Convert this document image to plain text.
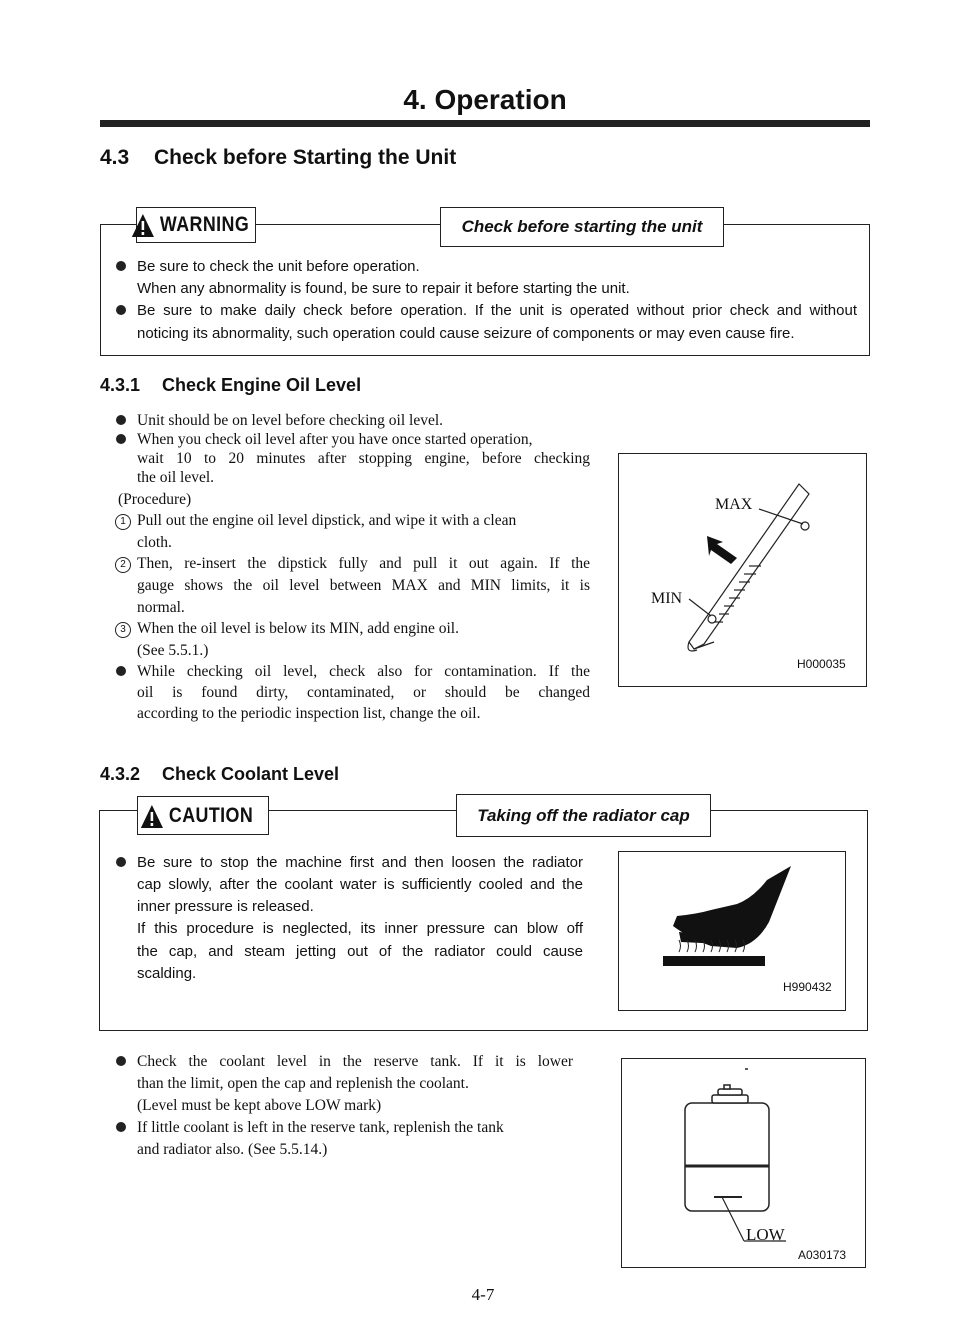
4. Operation
4.3 Check before Starting the Unit
WARNING	Check before starting the unit
Be sure to check the unit before operation.
When any abnormality is found, be sure to repair it before starting the unit.
Be sure to make daily check before operation. If the unit is operated without prior check and without
noticing its abnormality, such operation could cause seizure of components or may even cause fire.
4.3.1 Check Engine Oil Level
Unit should be on level before checking oil level.
When you check oil level after you have once started operation,
wait 10 to 20 minutes after stopping engine, before checking
the oil level.
(Procedure)
1 Pull out the engine oil level dipstick, and wipe it with a clean
cloth.
2 Then, re-insert the dipstick fully and pull it out again. If the
gauge shows the oil level between MAX and MIN limits, it is
normal.
3 When the oil level is below its MIN, add engine oil.
(See 5.5.1.)
While checking oil level, check also for contamination. If the
oil is found dirty, contaminated, or should be changed
according to the periodic inspection list, change the oil.
MAX
MIN
H000035
4.3.2 Check Coolant Level
CAUTION	Taking off the radiator cap
Be sure to stop the machine first and then loosen the radiator
cap slowly, after the coolant water is sufficiently cooled and the
inner pressure is released.
If this procedure is neglected, its inner pressure can blow off
the cap, and steam jetting out of the radiator could cause
scalding.
H990432
Check the coolant level in the reserve tank. If it is lower
than the limit, open the cap and replenish the coolant.
(Level must be kept above LOW mark)
If little coolant is left in the reserve tank, replenish the tank
and radiator also. (See 5.5.14.)
LOW
A030173
4-7
